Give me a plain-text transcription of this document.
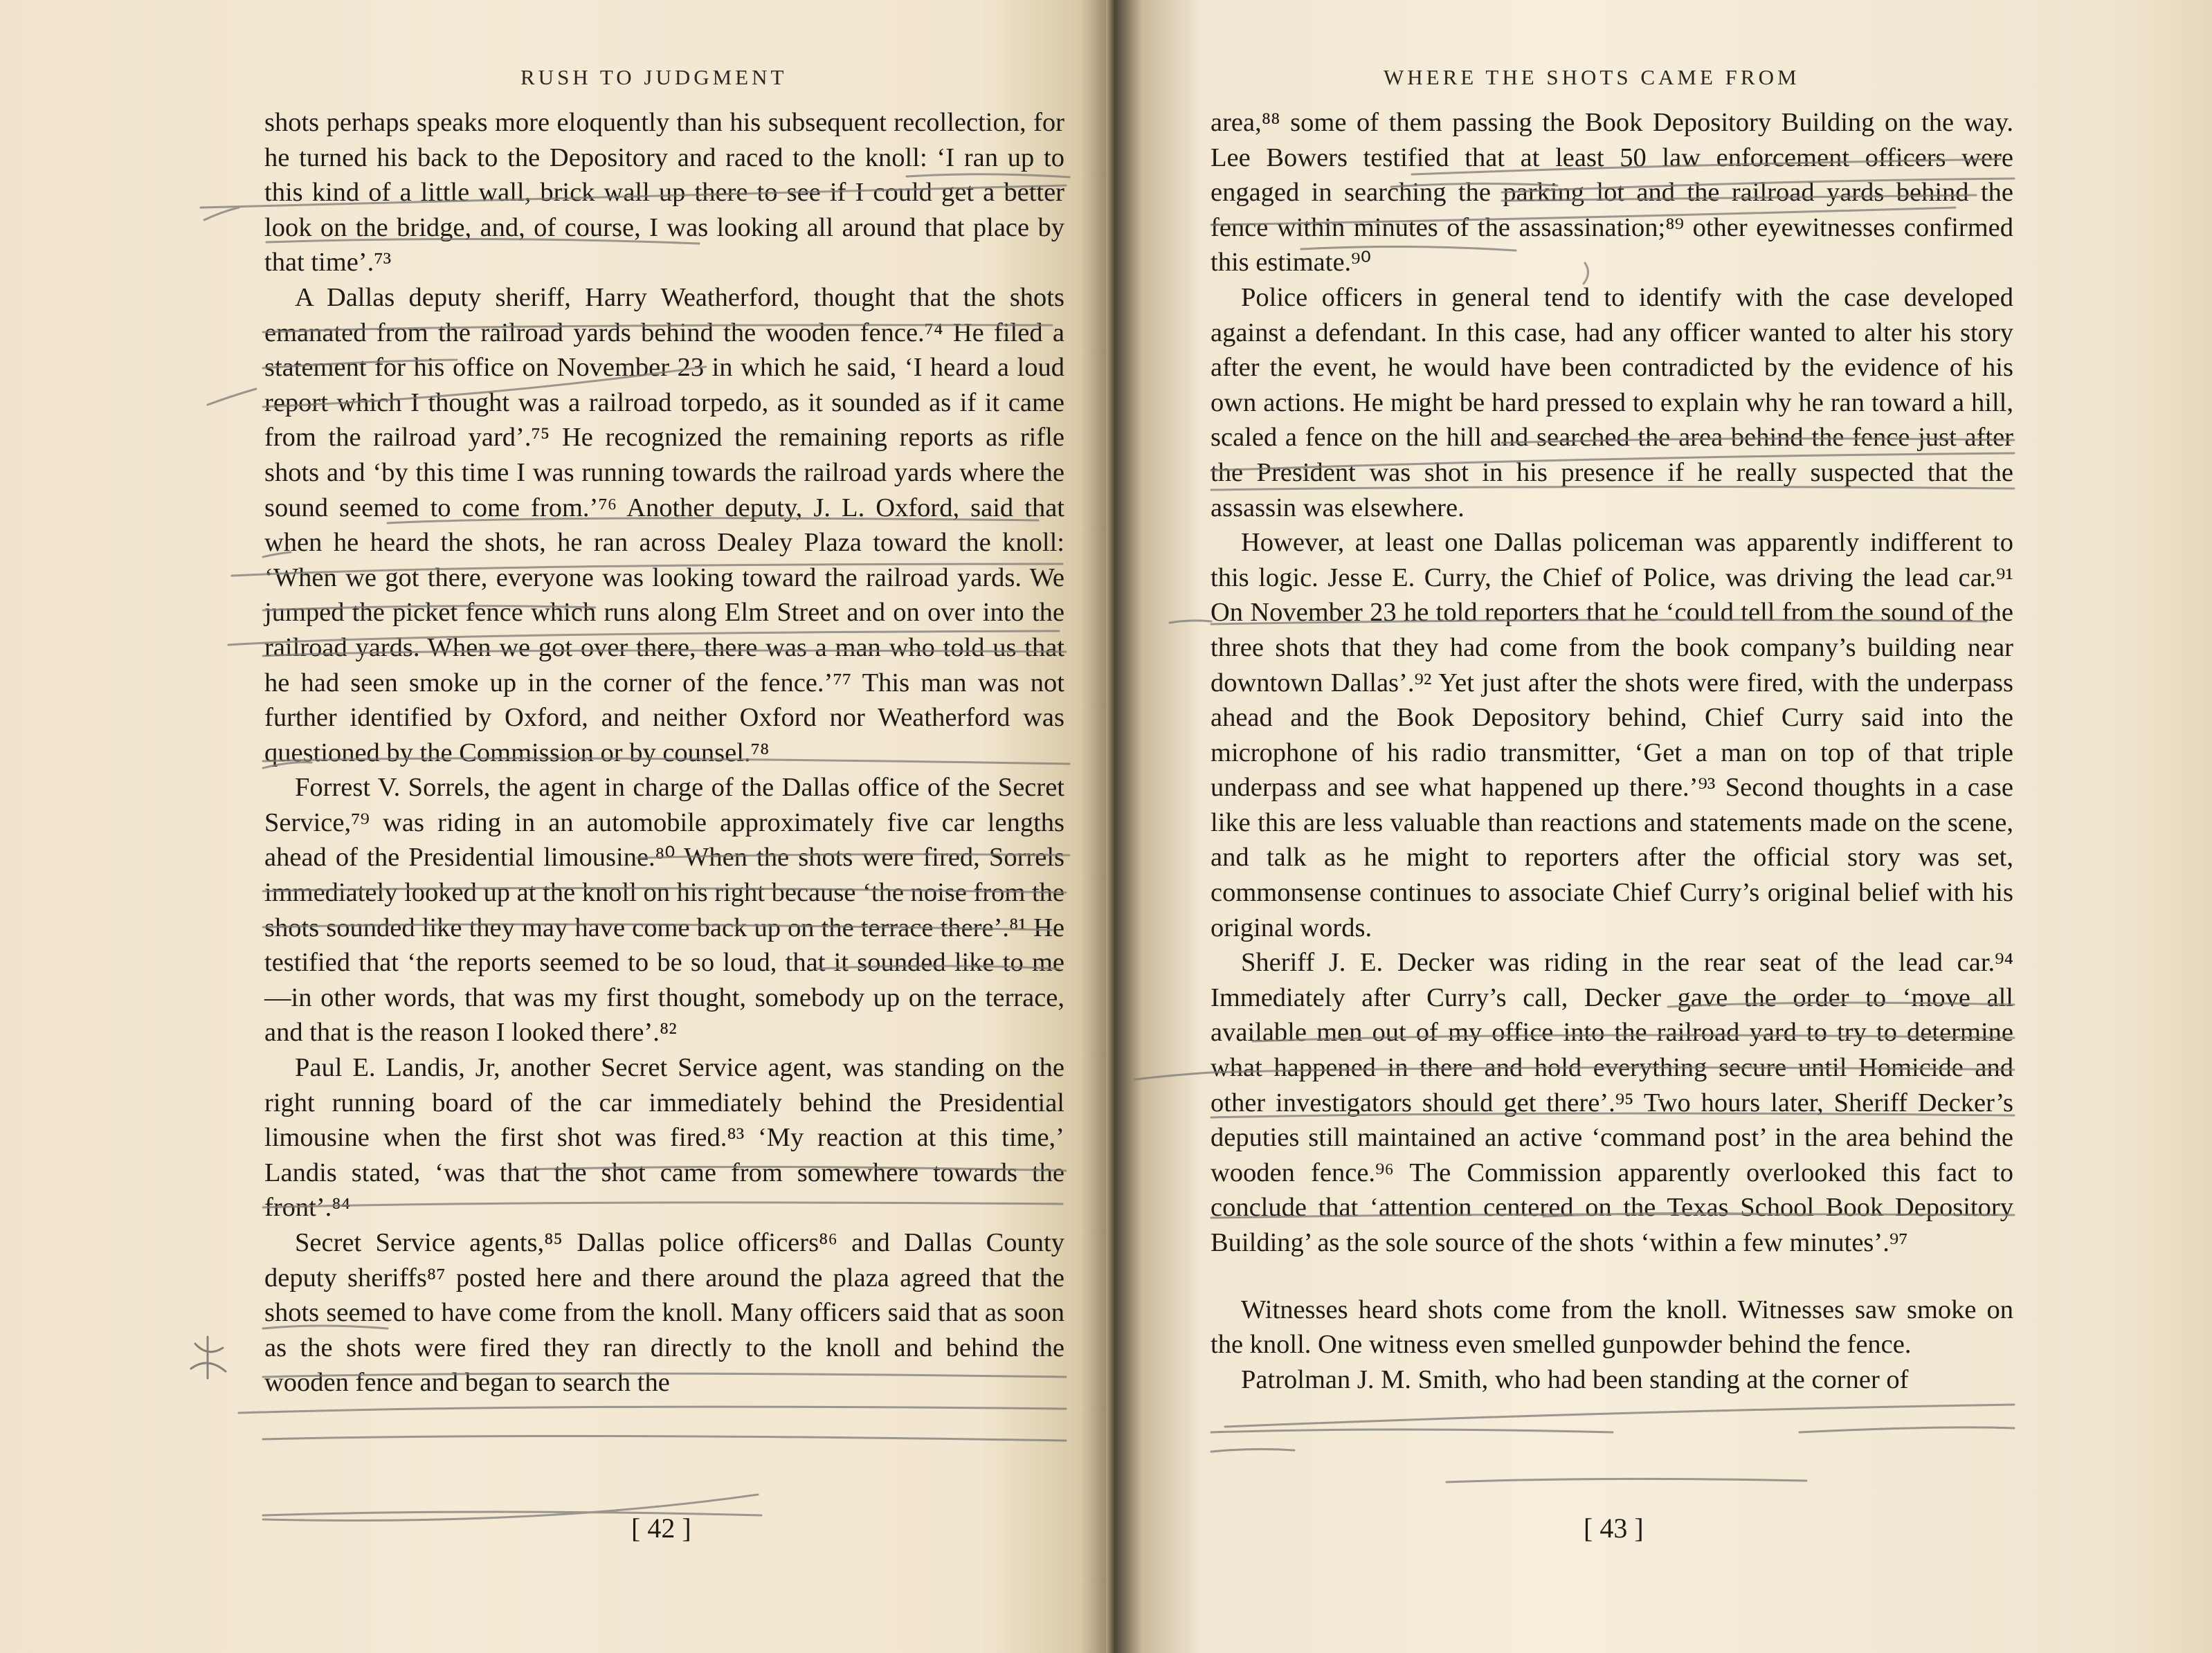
RUSH TO JUDGMENT

shots perhaps speaks more eloquently than his subsequent recollection, for he turned his back to the Depository and raced to the knoll: ‘I ran up to this kind of a little wall, brick wall up there to see if I could get a better look on the bridge, and, of course, I was looking all around that place by that time’.⁷³

A Dallas deputy sheriff, Harry Weatherford, thought that the shots emanated from the railroad yards behind the wooden fence.⁷⁴ He filed a statement for his office on November 23 in which he said, ‘I heard a loud report which I thought was a railroad torpedo, as it sounded as if it came from the railroad yard’.⁷⁵ He recognized the remaining reports as rifle shots and ‘by this time I was running towards the railroad yards where the sound seemed to come from.’⁷⁶ Another deputy, J. L. Oxford, said that when he heard the shots, he ran across Dealey Plaza toward the knoll: ‘When we got there, everyone was looking toward the railroad yards. We jumped the picket fence which runs along Elm Street and on over into the railroad yards. When we got over there, there was a man who told us that he had seen smoke up in the corner of the fence.’⁷⁷ This man was not further identified by Oxford, and neither Oxford nor Weatherford was questioned by the Commission or by counsel.⁷⁸

Forrest V. Sorrels, the agent in charge of the Dallas office of the Secret Service,⁷⁹ was riding in an automobile approximately five car lengths ahead of the Presidential limousine.⁸⁰ When the shots were fired, Sorrels immediately looked up at the knoll on his right because ‘the noise from the shots sounded like they may have come back up on the terrace there’.⁸¹ He testified that ‘the reports seemed to be so loud, that it sounded like to me—in other words, that was my first thought, somebody up on the terrace, and that is the reason I looked there’.⁸²

Paul E. Landis, Jr, another Secret Service agent, was standing on the right running board of the car immediately behind the Presidential limousine when the first shot was fired.⁸³ ‘My reaction at this time,’ Landis stated, ‘was that the shot came from somewhere towards the front’.⁸⁴

Secret Service agents,⁸⁵ Dallas police officers⁸⁶ and Dallas County deputy sheriffs⁸⁷ posted here and there around the plaza agreed that the shots seemed to have come from the knoll. Many officers said that as soon as the shots were fired they ran directly to the knoll and behind the wooden fence and began to search the

[ 42 ]
WHERE THE SHOTS CAME FROM

area,⁸⁸ some of them passing the Book Depository Building on the way. Lee Bowers testified that at least 50 law enforcement officers were engaged in searching the parking lot and the railroad yards behind the fence within minutes of the assassination;⁸⁹ other eyewitnesses confirmed this estimate.⁹⁰

Police officers in general tend to identify with the case developed against a defendant. In this case, had any officer wanted to alter his story after the event, he would have been contradicted by the evidence of his own actions. He might be hard pressed to explain why he ran toward a hill, scaled a fence on the hill and searched the area behind the fence just after the President was shot in his presence if he really suspected that the assassin was elsewhere.

However, at least one Dallas policeman was apparently indifferent to this logic. Jesse E. Curry, the Chief of Police, was driving the lead car.⁹¹ On November 23 he told reporters that he ‘could tell from the sound of the three shots that they had come from the book company’s building near downtown Dallas’.⁹² Yet just after the shots were fired, with the underpass ahead and the Book Depository behind, Chief Curry said into the microphone of his radio transmitter, ‘Get a man on top of that triple underpass and see what happened up there.’⁹³ Second thoughts in a case like this are less valuable than reactions and statements made on the scene, and talk as he might to reporters after the official story was set, commonsense continues to associate Chief Curry’s original belief with his original words.

Sheriff J. E. Decker was riding in the rear seat of the lead car.⁹⁴ Immediately after Curry’s call, Decker gave the order to ‘move all available men out of my office into the railroad yard to try to determine what happened in there and hold everything secure until Homicide and other investigators should get there’.⁹⁵ Two hours later, Sheriff Decker’s deputies still maintained an active ‘command post’ in the area behind the wooden fence.⁹⁶ The Commission apparently overlooked this fact to conclude that ‘attention centered on the Texas School Book Depository Building’ as the sole source of the shots ‘within a few minutes’.⁹⁷

Witnesses heard shots come from the knoll. Witnesses saw smoke on the knoll. One witness even smelled gunpowder behind the fence.

Patrolman J. M. Smith, who had been standing at the corner of

[ 43 ]
